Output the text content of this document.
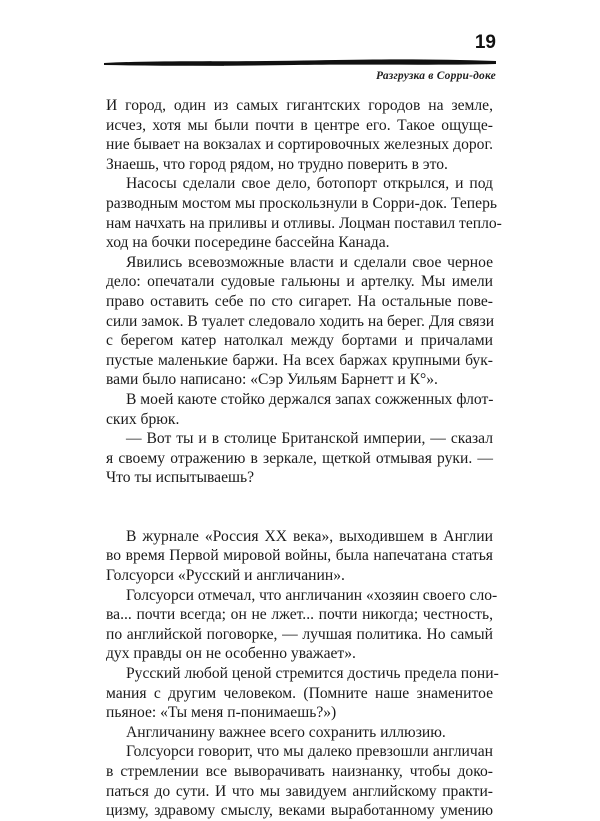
19
Разгрузка в Сорри-доке
И город, один из самых гигантских городов на земле,
исчез, хотя мы были почти в центре его. Такое ощуще-
ние бывает на вокзалах и сортировочных железных дорог.
Знаешь, что город рядом, но трудно поверить в это.
Насосы сделали свое дело, ботопорт открылся, и под
разводным мостом мы проскользнули в Сорри-док. Теперь
нам начхать на приливы и отливы. Лоцман поставил тепло-
ход на бочки посередине бассейна Канада.
Явились всевозможные власти и сделали свое черное
дело: опечатали судовые гальюны и артелку. Мы имели
право оставить себе по сто сигарет. На остальные пове-
сили замок. В туалет следовало ходить на берег. Для связи
с берегом катер натолкал между бортами и причалами
пустые маленькие баржи. На всех баржах крупными бук-
вами было написано: «Сэр Уильям Барнетт и К°».
В моей каюте стойко держался запах сожженных флот-
ских брюк.
— Вот ты и в столице Британской империи, — сказал
я своему отражению в зеркале, щеткой отмывая руки. —
Что ты испытываешь?
В журнале «Россия XX века», выходившем в Англии
во время Первой мировой войны, была напечатана статья
Голсуорси «Русский и англичанин».
Голсуорси отмечал, что англичанин «хозяин своего сло-
ва... почти всегда; он не лжет... почти никогда; честность,
по английской поговорке, — лучшая политика. Но самый
дух правды он не особенно уважает».
Русский любой ценой стремится достичь предела пони-
мания с другим человеком. (Помните наше знаменитое
пьяное: «Ты меня п-понимаешь?»)
Англичанину важнее всего сохранить иллюзию.
Голсуорси говорит, что мы далеко превзошли англичан
в стремлении все выворачивать наизнанку, чтобы доко-
паться до сути. И что мы завидуем английскому практи-
цизму, здравому смыслу, веками выработанному умению
